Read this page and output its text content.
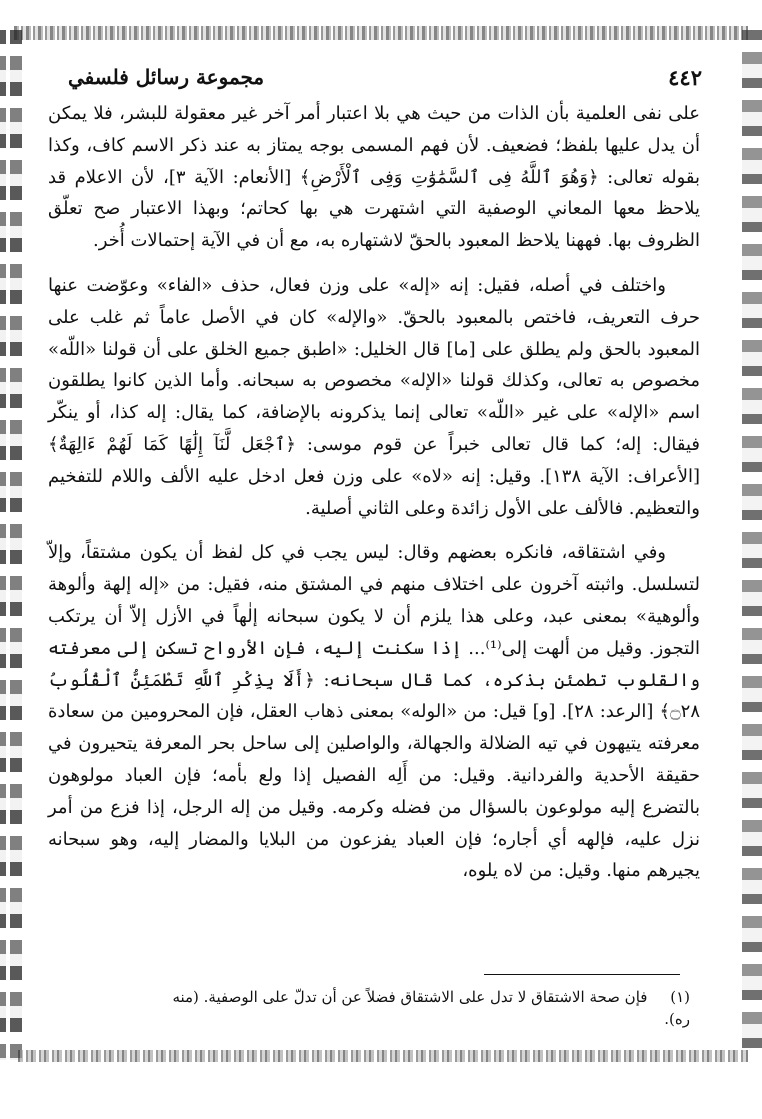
٤٤٢
مجموعة رسائل فلسفي

على نفى العلمية بأن الذات من حيث هي بلا اعتبار أمر آخر غير معقولة للبشر، فلا يمكن أن يدل عليها بلفظ؛ فضعيف. لأن فهم المسمى بوجه يمتاز به عند ذكر الاسم كاف، وكذا بقوله تعالى: ﴿وَهُوَ ٱللَّهُ فِى ٱلسَّمَٰوَٰتِ وَفِى ٱلْأَرْضِ﴾ [الأنعام: الآية ٣]، لأن الاعلام قد يلاحظ معها المعاني الوصفية التي اشتهرت هي بها كحاتم؛ وبهذا الاعتبار صح تعلّق الظروف بها. فههنا يلاحظ المعبود بالحقّ لاشتهاره به، مع أن في الآية إحتمالات أُخر.

واختلف في أصله، فقيل: إنه «إله» على وزن فعال، حذف «الفاء» وعوّضت عنها حرف التعريف، فاختص بالمعبود بالحقّ. «والإله» كان في الأصل عاماً ثم غلب على المعبود بالحق ولم يطلق على [ما] قال الخليل: «اطبق جميع الخلق على أن قولنا «اللّه» مخصوص به تعالى، وكذلك قولنا «الإله» مخصوص به سبحانه. وأما الذين كانوا يطلقون اسم «الإله» على غير «اللّه» تعالى إنما يذكرونه بالإضافة، كما يقال: إله كذا، أو ينكّر فيقال: إله؛ كما قال تعالى خبراً عن قوم موسى: ﴿ٱجْعَل لَّنَآ إِلَٰهًا كَمَا لَهُمْ ءَالِهَةٌ﴾ [الأعراف: الآية ١٣٨]. وقيل: إنه «لاه» على وزن فعل ادخل عليه الألف واللام للتفخيم والتعظيم. فالألف على الأول زائدة وعلى الثاني أصلية.

وفي اشتقاقه، فانكره بعضهم وقال: ليس يجب في كل لفظ أن يكون مشتقاً، وإلاّ لتسلسل. واثبته آخرون على اختلاف منهم في المشتق منه، فقيل: من «إله إلهة وألوهة وألوهية» بمعنى عبد، وعلى هذا يلزم أن لا يكون سبحانه إلٰهاً في الأزل إلاّ أن يرتكب التجوز. وقيل من ألهت إلى⁽¹⁾... إذا سكنت إليه، فإن الأرواح تسكن إلى معرفته والقلوب تطمئن بذكره، كما قال سبحانه: ﴿أَلَا بِذِكْرِ ٱللَّهِ تَطْمَئِنُّ ٱلْقُلُوبُ ۝٢٨﴾ [الرعد: ٢٨]. [و] قيل: من «الوله» بمعنى ذهاب العقل، فإن المحرومين من سعادة معرفته يتيهون في تيه الضلالة والجهالة، والواصلين إلى ساحل بحر المعرفة يتحيرون في حقيقة الأحدية والفردانية. وقيل: من أَلِه الفصيل إذا ولع بأمه؛ فإن العباد مولوهون بالتضرع إليه مولوعون بالسؤال من فضله وكرمه. وقيل من إله الرجل، إذا فزع من أمر نزل عليه، فإلهه أي أجاره؛ فإن العباد يفزعون من البلايا والمضار إليه، وهو سبحانه يجيرهم منها. وقيل: من لاه يلوه،

(١) فإن صحة الاشتقاق لا تدل على الاشتقاق فضلاً عن أن تدلّ على الوصفية. (منه ره).
